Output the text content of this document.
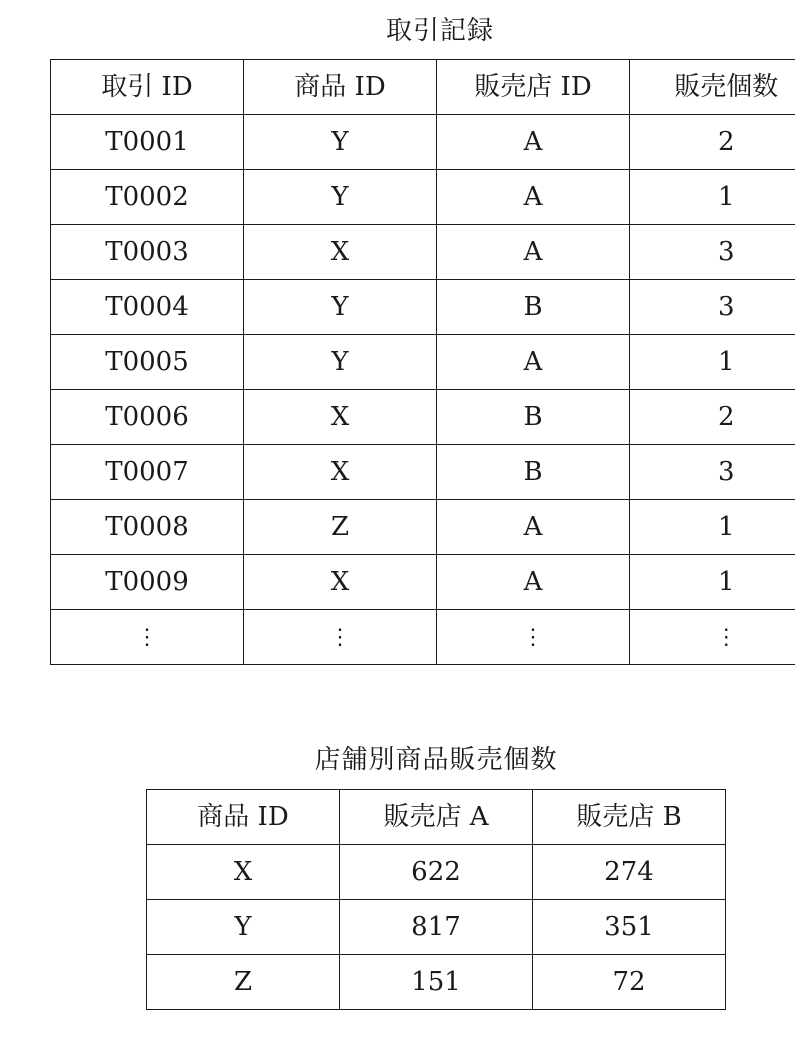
取引記録
取引 ID	商品 ID	販売店 ID	販売個数
T0001	Y	A	2
T0002	Y	A	1
T0003	X	A	3
T0004	Y	B	3
T0005	Y	A	1
T0006	X	B	2
T0007	X	B	3
T0008	Z	A	1
T0009	X	A	1
⋮	⋮	⋮	⋮
店舗別商品販売個数
商品 ID	販売店 A	販売店 B
X	622	274
Y	817	351
Z	151	72
